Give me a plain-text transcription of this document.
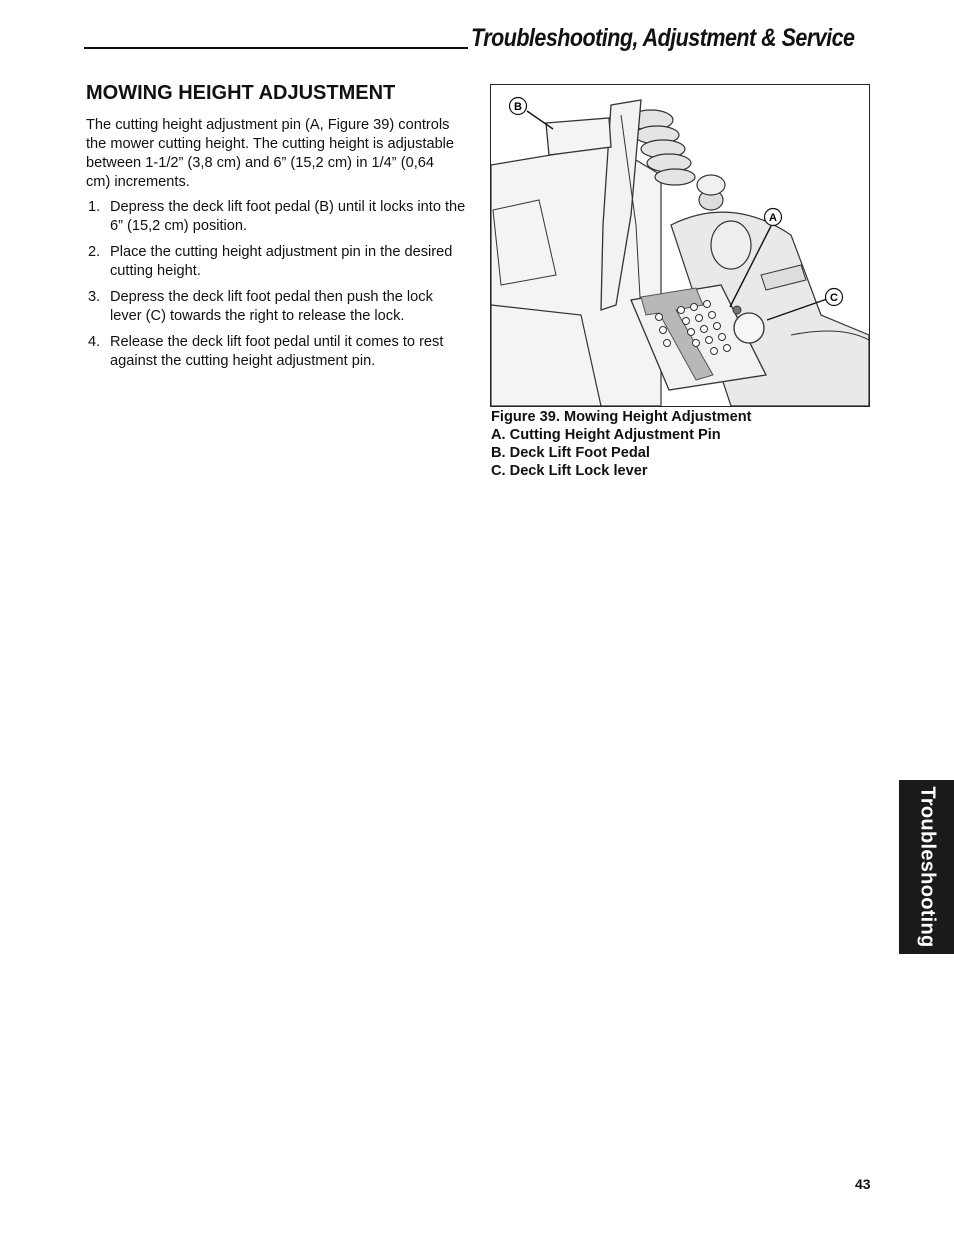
Troubleshooting, Adjustment & Service
MOWING HEIGHT ADJUSTMENT

The cutting height adjustment pin (A, Figure 39) controls the mower cutting height. The cutting height is adjustable between 1-1/2” (3,8 cm) and 6” (15,2 cm) in 1/4” (0,64 cm) increments.

1. Depress the deck lift foot pedal (B) until it locks into the 6” (15,2 cm) position.
2. Place the cutting height adjustment pin in the desired cutting height.
3. Depress the deck lift foot pedal then push the lock lever (C) towards the right to release the lock.
4. Release the deck lift foot pedal until it comes to rest against the cutting height adjustment pin.
B
A
C
Figure 39. Mowing Height Adjustment
A. Cutting Height Adjustment Pin
B. Deck Lift Foot Pedal
C. Deck Lift Lock lever
Troubleshooting
43
